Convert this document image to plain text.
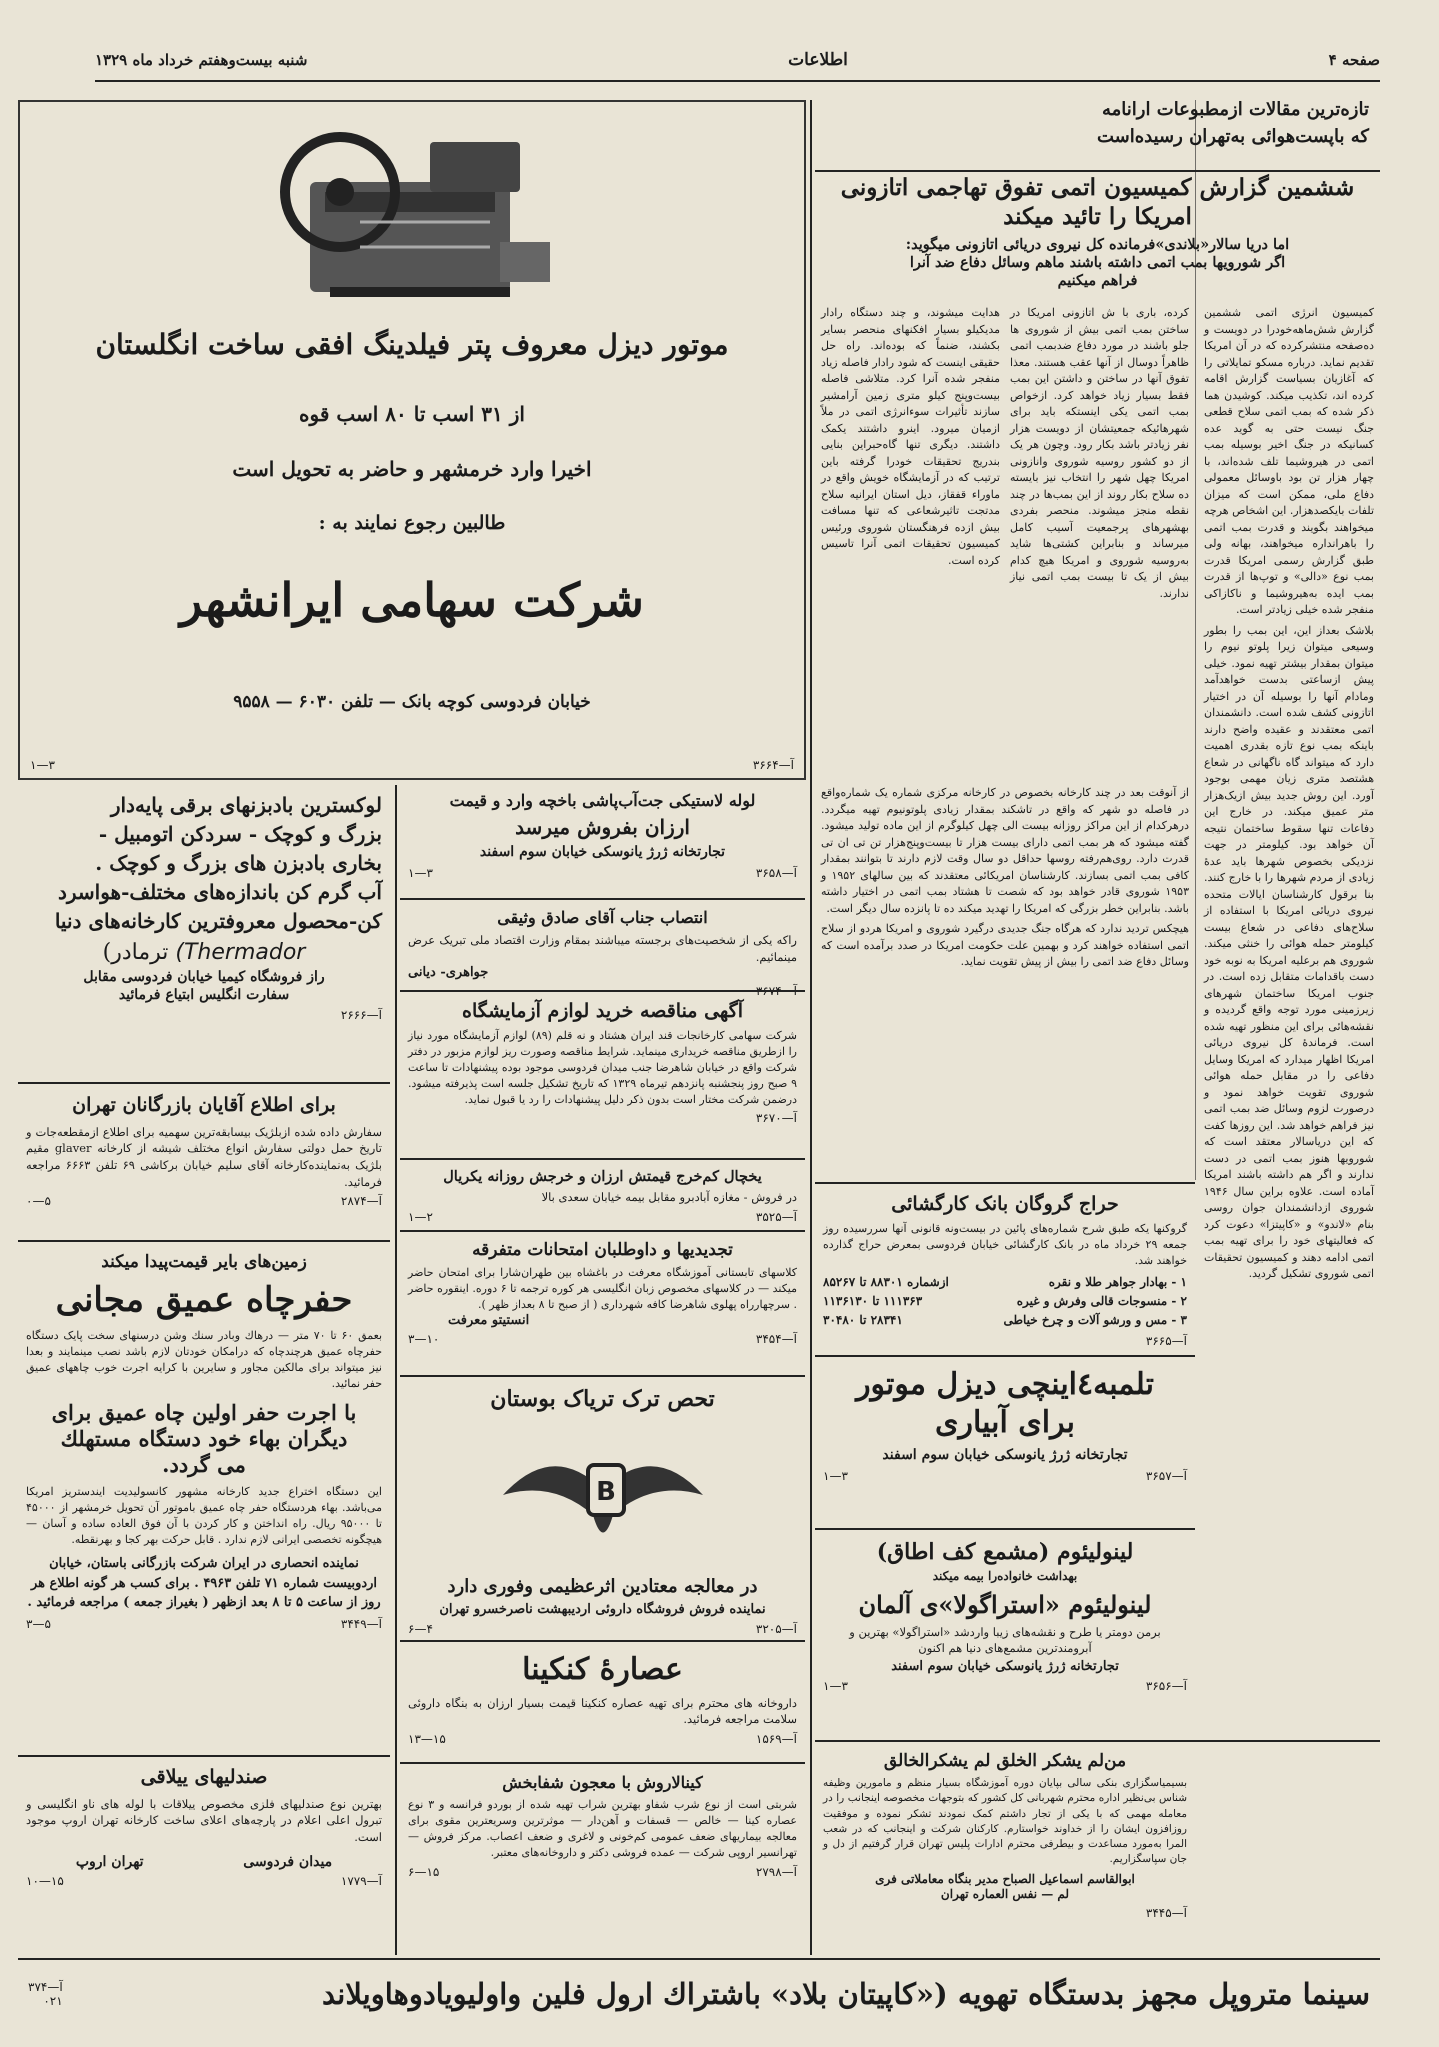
صفحه ۴
اطلاعات
شنبه بیست‌وهفتم خرداد ماه ۱۳۲۹
تازه‌ترین مقالات ازمطبوعات ارانامه
که باپست‌هوائی به‌تهران رسیده‌است
ششمین گزارش کمیسیون اتمی تفوق تهاجمی اتازونی
امریکا را تائید میکند
اما دریا سالار«بلاندی»فرمانده کل نیروی دریائی اتازونی میگوید:
اگر شورویها بمب اتمی داشته باشند ماهم وسائل دفاع ضد آنرا
فراهم میکنیم
کرده، باری با ش اتازونی امریکا در ساختن بمب اتمی بیش از شوروی ها جلو باشند در مورد دفاع ضدبمب اتمی ظاهراً دوسال از آنها عقب هستند. معذا تفوق آنها در ساختن و داشتن این بمب فقط بسیار زیاد خواهد کرد. ازخواص بمب اتمی یکی اینستکه باید برای شهرهائیکه جمعیتشان از دویست هزار نفر زیادتر باشد بکار رود. وچون هر یک از دو کشور روسیه شوروی وانازونی امریکا چهل شهر را انتخاب نیز بایسته ده سلاح بکار روند از این بمب‌ها در چند نقطه منجز میشوند. منحصر بفردی بهشهرهای پرجمعیت آسیب کامل میرساند و بنابراین کشتی‌ها شاید به‌روسیه شوروی و امریکا هیچ کدام بیش از یک تا بیست بمب اتمی نیاز ندارند.
هدایت میشوند، و چند دستگاه رادار مدیکیلو بسیار افکنهای منحصر بسایر بکشند، ضنماً که بوده‌اند. راه حل حقیقی اینست که شود رادار فاصله زیاد منفجر شده آنرا کرد. متلاشی فاصله بیست‌وپنج کیلو متری زمین آرامشیر سازند تأثیرات سوءانرژی اتمی در ملاً ازمیان میرود. اینرو داشتند یکمک داشتند. دیگری تنها گاه‌حبراین بنایی بندریج تحقیقات خودرا گرفته باین ترتیب که در آزمایشگاه خویش واقع در ماوراء قفقاز، دیل استان ایرانیه سلاح مدتجت تاثیرشعاعی که تنها مسافت بیش ازده فرهنگستان شوروی ورئیس کمیسیون تحقیقات اتمی آنرا تاسیس کرده است.
کمیسیون انرژی اتمی ششمین گزارش شش‌ماهه‌خودرا در دویست و ده‌صفحه‌ منتشرکرده که در آن امریکا تقدیم نماید. درباره مسکو تمایلاتی را که آغازیان بسیاست گزارش اقامه کرده اند، تکذیب میکند. کوشیدن هما ذکر شده که بمب اتمی سلاح قطعی جنگ نیست حتی به گوید عده کسانیکه در جنگ اخیر بوسیله بمب اتمی در هیروشیما تلف شده‌اند، با چهار هزار تن بود باوسائل معمولی دفاع ملی، ممکن است که میزان تلفات بایکصدهزار. این اشخاص هرچه میخواهند بگویند و قدرت بمب اتمی را باهرانداره میخواهند، بهانه ولی طبق گزارش رسمی امریکا قدرت بمب نوع «دالی» و توپ‌ها از قدرت بمب ایده به‌هیروشیما و ناکازاکی منفجر شده خیلی زیادتر است.
بلاشک بعداز این، این بمب را بطور وسیعی میتوان زیرا پلوتو نیوم را میتوان بمقدار بیشتر تهیه نمود. خیلی پیش ازساعتی بدست خواهدآمد ومادام آنها را بوسیله آن در اختیار اتازونی کشف شده است. دانشمندان اتمی معتقدند و عقیده واضح دارند باینکه بمب نوع تازه بقدری اهمیت دارد که میتواند گاه ناگهانی در شعاع هشتصد متری زیان مهمی بوجود آورد. این روش جدید بیش ازیک‌هزار متر عمیق میکند. در خارج این دفاعات تنها سقوط ساختمان نتیجه آن خواهد بود. کیلومتر در جهت نزدیکی بخصوص شهرها باید عدهٔ زیادی از مردم شهرها را با خارج کنند. بنا برقول کارشناسان ایالات متحده نیروی دریائی امریکا با استفاده از سلاح‌های دفاعی در شعاع بیست کیلومتر حمله هوائی را خنثی میکند. شوروی هم برعلیه امریکا به نوبه خود دست باقدامات متقابل زده است. در جنوب امریکا ساختمان شهرهای زیرزمینی مورد توجه واقع گردیده و نقشه‌هائی برای این منظور تهیه شده است. فرماندهٔ کل نیروی دریائی امریکا اظهار میدارد که امریکا وسایل دفاعی را در مقابل حمله هوائی شوروی تقویت خواهد نمود و درصورت لزوم وسائل ضد بمب اتمی نیز فراهم خواهد شد. این روزها کفت که این دریاسالار معتقد است که شورویها هنوز بمب اتمی در دست ندارند و اگر هم داشته باشند امریکا آماده است. علاوه براین سال ۱۹۴۶ شوروی ازدانشمندان جوان روسی بنام «لاندو» و «کاپیتزا» دعوت کرد که فعالیتهای خود را برای تهیه بمب اتمی ادامه دهند و کمیسیون تحقیقات اتمی شوروی تشکیل گردید.
از آنوقت بعد در چند کارخانه بخصوص در کارخانه مرکزی شماره یک شماره‌واقع در فاصله دو شهر که واقع در تاشکند بمقدار زیادی پلوتونیوم تهیه میگردد. درهرکدام از این مراکز روزانه بیست الی چهل کیلوگرم از این ماده تولید میشود. گفته میشود که هر بمب اتمی دارای بیست هزار تا بیست‌وپنج‌هزار تن تی ان تی قدرت دارد. روی‌هم‌رفته روسها حداقل دو سال وقت لازم دارند تا بتوانند بمقدار کافی بمب اتمی بسازند. کارشناسان امریکائی معتقدند که بین سالهای ۱۹۵۲ و ۱۹۵۳ شوروی قادر خواهد بود که شصت تا هشتاد بمب اتمی در اختیار داشته باشد. بنابراین خطر بزرگی که امریکا را تهدید میکند ده تا پانزده سال دیگر است.
هیچکس تردید ندارد که هرگاه جنگ جدیدی درگیرد شوروی و امریکا هردو از سلاح اتمی استفاده خواهند کرد و بهمین علت حکومت امریکا در صدد برآمده است که وسائل دفاع ضد اتمی را بیش از پیش تقویت نماید.
موتور دیزل معروف پتر فیلدینگ افقی ساخت انگلستان
از ۳۱ اسب تا ۸۰ اسب قوه
اخیرا وارد خرمشهر و حاضر به تحویل است
طالبین رجوع نمایند به :
شرکت سهامی ایرانشهر
خیابان فردوسی کوچه بانک — تلفن ۶۰۳۰ — ۹۵۵۸
آ—۳۶۶۴
۳—۱
لوکسترین بادبزنهای برقی پایه‌دار
بزرگ و کوچک - سردکن اتومبیل -
بخاری بادبزن های بزرگ و کوچک .
آب گرم کن باندازه‌های مختلف-هواسرد
کن-محصول معروفترین کارخانه‌های دنیا
(Thermador ترمادر)
راز فروشگاه کیمیا خیابان فردوسی مقابل
سفارت انگلیس ابتیاع فرمائید
آ—۲۶۶۶
برای اطلاع آقایان بازرگانان تهران
سفارش داده شده ازبلژیک بیسابقه‌ترین سهمیه برای اطلاع ازمقطعه‌جات و تاریخ حمل دولتی سفارش انواع مختلف شیشه از کارخانه glaver مقیم بلژیک به‌نماینده‌کارخانه آقای سلیم خیابان برکاشی ۶۹ تلفن ۶۶۶۳ مراجعه فرمائید.
آ—۲۸۷۴
۵—۰
زمین‌های بایر قیمت‌پیدا میکند
حفرچاه عمیق مجانی
بعمق ۶۰ تا ۷۰ متر — درهاك وبادر سنك وشن درسنهای سخت پایک دستگاه حفرچاه عمیق هرچندچاه که درامکان خودتان لازم باشد نصب مینمایند و بعدا نیز میتواند برای مالکین مجاور و سایرین با کرایه اجرت خوب چاههای عمیق حفر نمائید.
با اجرت حفر اولین چاه عمیق برای
دیگران بهاء خود دستگاه مستهلك
می گردد.
این دستگاه اختراع جدید کارخانه مشهور کانسولیدیت ایندستریز امریکا می‌باشد. بهاء هردستگاه حفر چاه عمیق باموتور آن تحویل خرمشهر از ۴۵۰۰۰ تا ۹۵۰۰۰ ریال. راه انداختن و کار کردن با آن فوق العاده ساده و آسان — هیچگونه تخصصی ایرانی لازم ندارد . قابل حرکت بهر کجا و بهرنقطه.
نماینده انحصاری در ایران شرکت بازرگانی باستان، خیابان اردوبیست شماره ۷۱ تلفن ۴۹۶۳ . برای کسب هر گونه اطلاع هر روز از ساعت ۵ تا ۸ بعد ازظهر ( بغیراز جمعه ) مراجعه فرمائید .
آ—۳۴۴۹
۵—۳
صندلیهای ییلاقی
بهترین نوع صندلیهای فلزی مخصوص ییلاقات با لوله های ناو انگلیسی و تبرول اعلی اعلام در پارچه‌های اعلای ساخت کارخانه تهران اروپ موجود است.
میدان فردوسی
تهران اروپ
آ—۱۷۷۹
۱۵—۱۰
لوله لاستیکی جت‌آب‌پاشی باخچه وارد و قیمت
ارزان بفروش میرسد
تجارتخانه ژرژ یانوسکی خیابان سوم اسفند
آ—۳۶۵۸
۳—۱
انتصاب جناب آقای صادق وثیقی
راکه یکی از شخصیت‌های برجسته میباشند بمقام وزارت اقتصاد ملی تبریک عرض مینمائیم.
جواهری- دیانی
آگهی مناقصه خرید لوازم آزمایشگاه
شرکت سهامی کارخانجات قند ایران هشتاد و نه قلم (۸۹) لوازم آزمایشگاه مورد نیاز را ازطریق مناقصه خریداری مینماید. شرایط مناقصه وصورت ریز لوازم مزبور در دفتر شرکت واقع در خیابان شاهرضا جنب میدان فردوسی موجود بوده پیشنهادات تا ساعت ۹ صبح روز پنجشنبه پانزدهم تیرماه ۱۳۲۹ که تاریخ تشکیل جلسه است پذیرفته میشود. درضمن شرکت مختار است بدون ذکر دلیل پیشنهادات را رد یا قبول نماید.
آ—۳۶۷۰
یخچال کم‌خرج قیمتش ارزان و خرجش روزانه یکریال
در فروش - مغازه آبادبرو مقابل بیمه خیابان سعدی بالا
آ—۳۵۲۵
۲—۱
تجدیدیها و داوطلبان امتحانات متفرقه
کلاسهای تابستانی آموزشگاه معرفت در باغشاه بین طهران‌شارا برای امتحان حاضر میکند — در کلاسهای مخصوص زبان انگلیسی هر کوره ترجمه تا ۶ دوره. اینقوره حاضر . سرچهارراه پهلوی شاهرضا کافه شهرداری ( از صبح تا ۸ بعداز ظهر ).
انستیتو معرفت
آ—۳۴۵۴
۱۰—۳
تحص ترک تریاک بوستان
B
در معالجه معتادین اثرعظیمی وفوری دارد
نماینده فروش فروشگاه داروئی اردیبهشت ناصرخسرو تهران
آ—۳۲۰۵
۴—۶
عصارهٔ کنکینا
داروخانه های محترم برای تهیه عصاره کنکینا قیمت بسیار ارزان به بنگاه داروئی سلامت مراجعه فرمائید.
آ—۱۵۶۹
۱۵—۱۳
کینالاروش با معجون شفابخش
شربتی است از نوع شرب شفاو بهترین شراب تهیه شده از بوردو فرانسه و ۳ نوع عصاره کینا — خالص — قسفات و آهن‌دار — موثرترین وسریعترین مقوی برای معالجه بیماریهای ضعف عمومی کم‌خونی و لاغری و ضعف اعصاب. مرکز فروش — تهرانسیر اروپی شرکت — عمده فروشی دکتر و داروخانه‌های معتبر.
آ—۲۷۹۸
۱۵—۶
حراج گروگان بانک کارگشائی
گروکنها یکه طبق شرح شماره‌های پائین در بیست‌ونه قانونی آنها سررسیده روز جمعه ۲۹ خرداد ماه در بانک کارگشائی خیابان فردوسی بمعرض حراج گذارده خواهند شد.
۱ - بهادار جواهر طلا و نقره
ازشماره ۸۸۳۰۱ تا ۸۵۲۶۷
۲ - منسوجات قالی وفرش و غیره
۱۱۱۳۶۳ تا ۱۱۳۶۱۳۰
۳ - مس و ورشو آلات و چرخ خیاطی
۲۸۳۴۱ تا ۳۰۴۸۰
آ—۳۶۶۵
تلمبه‌٤اینچی دیزل موتور
برای آبیاری
تجارتخانه ژرژ یانوسکی خیابان سوم اسفند
آ—۳۶۵۷
۳—۱
لینولیئوم (مشمع کف اطاق)
بهداشت خانواده‌را بیمه میکند
لینولیئوم «استراگولا»ی آلمان
برمن دومتر یا طرح و نقشه‌های زیبا واردشد «استراگولا» بهترین و آبرومندترین مشمع‌های دنیا هم اکنون
تجارتخانه ژرژ یانوسکی خیابان سوم اسفند
آ—۳۶۵۶
۳—۱
من‌لم یشکر الخلق لم یشکرالخالق
بسیمیاسگزاری بنکی سالی بپایان دوره آموزشگاه بسیار منظم و مامورین وظیفه شناس بی‌نظیر اداره محترم شهربانی کل کشور که بتوجهات مخصوصه اینجانب را در معامله مهمی که با یکی از تجار داشتم کمک نمودند تشکر نموده و موفقیت روزافزون ایشان را از خداوند خواستارم. کارکنان شرکت و اینجانب که در شعب المرا به‌مورد مساعدت و بیطرفی محترم ادارات پلیس تهران قرار گرفتیم از دل و جان سپاسگزاریم.
ابوالقاسم اسماعیل الصباح مدیر بنگاه معاملاتی فری
لم — نفس العماره تهران
آ—۳۴۴۵
سینما متروپل مجهز بدستگاه تهویه («کاپیتان بلاد» باشتراك ارول فلین واولیویادوهاویلاند
آ—۳۷۴
۰۲۱
